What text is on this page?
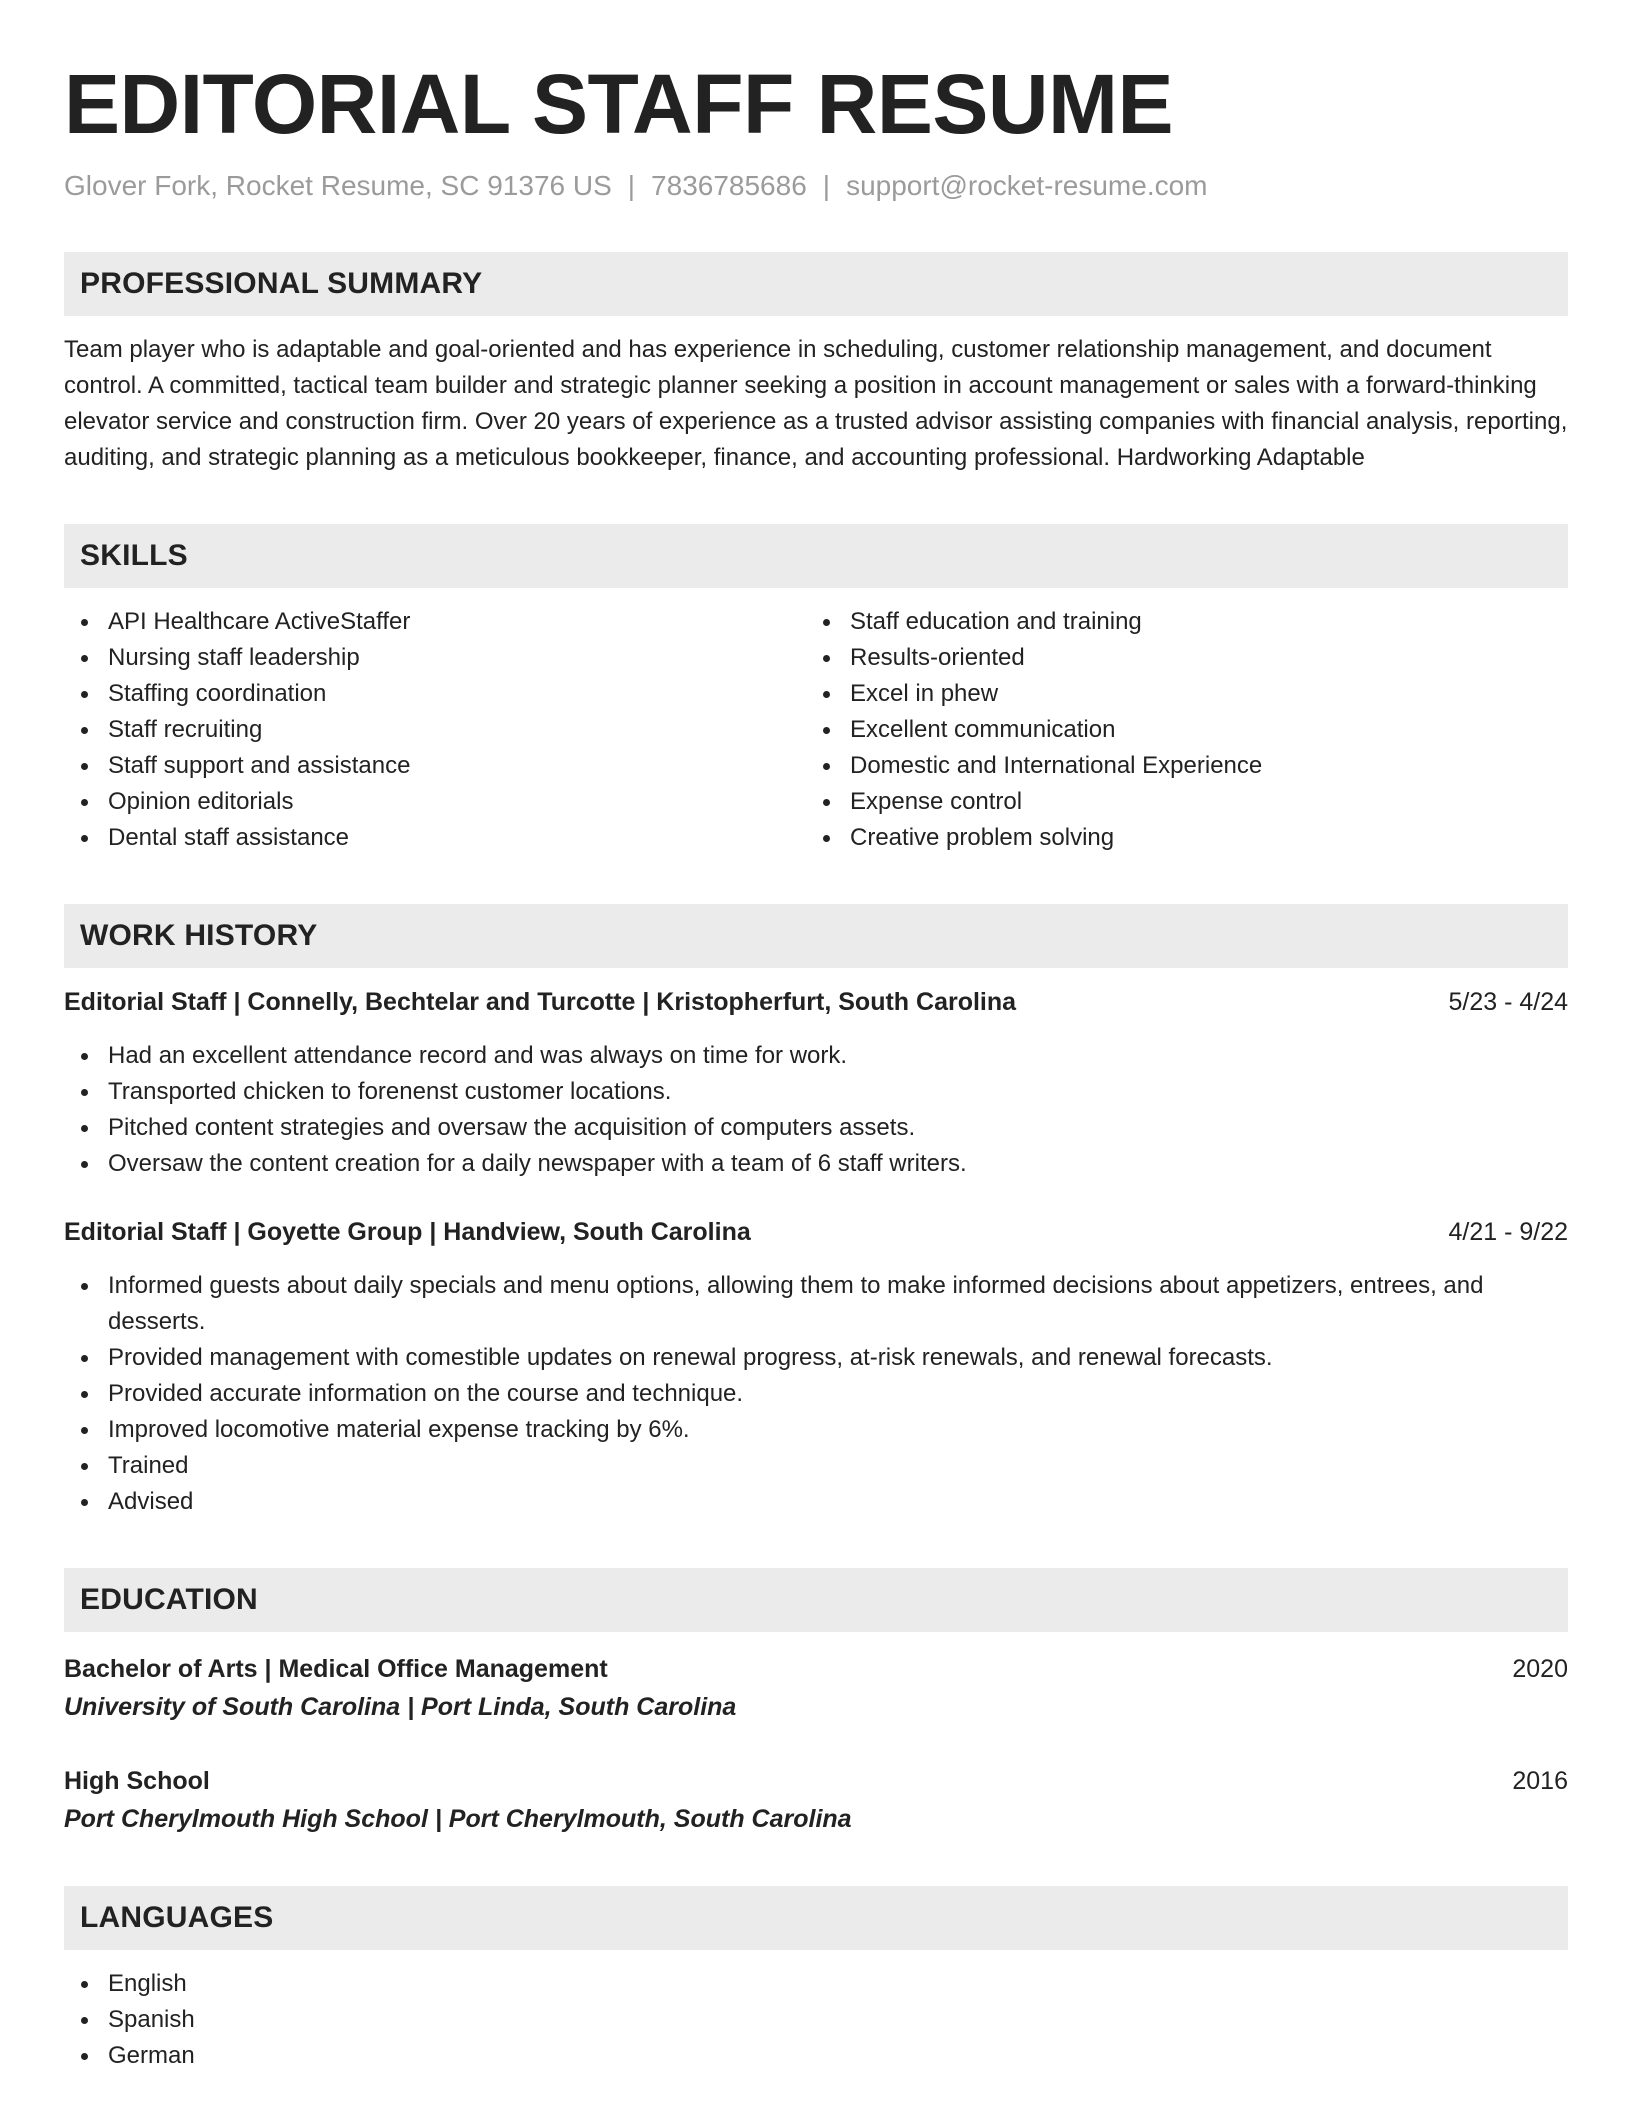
EDITORIAL STAFF RESUME
Glover Fork, Rocket Resume, SC 91376 US | 7836785686 | support@rocket-resume.com
PROFESSIONAL SUMMARY

Team player who is adaptable and goal-oriented and has experience in scheduling, customer relationship management, and document control. A committed, tactical team builder and strategic planner seeking a position in account management or sales with a forward-thinking elevator service and construction firm. Over 20 years of experience as a trusted advisor assisting companies with financial analysis, reporting, auditing, and strategic planning as a meticulous bookkeeper, finance, and accounting professional. Hardworking Adaptable

SKILLS
API Healthcare ActiveStaffer
Nursing staff leadership
Staffing coordination
Staff recruiting
Staff support and assistance
Opinion editorials
Dental staff assistance
Staff education and training
Results-oriented
Excel in phew
Excellent communication
Domestic and International Experience
Expense control
Creative problem solving
WORK HISTORY
Editorial Staff | Connelly, Bechtelar and Turcotte | Kristopherfurt, South Carolina	5/23 - 4/24
Had an excellent attendance record and was always on time for work.
Transported chicken to forenenst customer locations.
Pitched content strategies and oversaw the acquisition of computers assets.
Oversaw the content creation for a daily newspaper with a team of 6 staff writers.
Editorial Staff | Goyette Group | Handview, South Carolina	4/21 - 9/22
Informed guests about daily specials and menu options, allowing them to make informed decisions about appetizers, entrees, and desserts.
Provided management with comestible updates on renewal progress, at-risk renewals, and renewal forecasts.
Provided accurate information on the course and technique.
Improved locomotive material expense tracking by 6%.
Trained
Advised
EDUCATION
Bachelor of Arts | Medical Office Management	2020
University of South Carolina | Port Linda, South Carolina
High School	2016
Port Cherylmouth High School | Port Cherylmouth, South Carolina
LANGUAGES
English
Spanish
German
